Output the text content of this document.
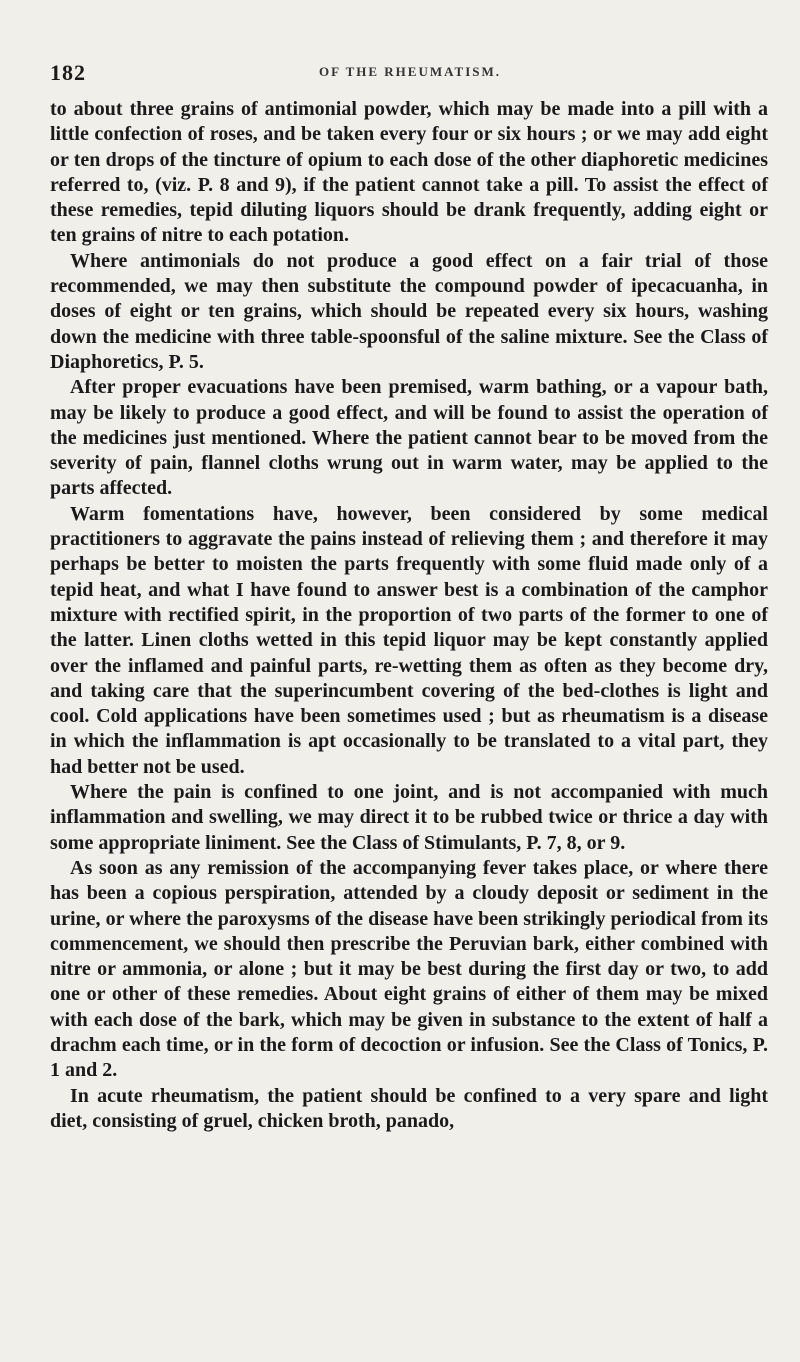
182	OF THE RHEUMATISM.

to about three grains of antimonial powder, which may be made into a pill with a little confection of roses, and be taken every four or six hours ; or we may add eight or ten drops of the tincture of opium to each dose of the other diaphoretic medicines referred to, (viz. P. 8 and 9), if the patient cannot take a pill. To assist the effect of these remedies, tepid diluting liquors should be drank frequently, adding eight or ten grains of nitre to each potation.

Where antimonials do not produce a good effect on a fair trial of those recommended, we may then substitute the compound powder of ipecacuanha, in doses of eight or ten grains, which should be repeated every six hours, washing down the medicine with three table-spoonsful of the saline mixture. See the Class of Diaphoretics, P. 5.

After proper evacuations have been premised, warm bathing, or a vapour bath, may be likely to produce a good effect, and will be found to assist the operation of the medicines just mentioned. Where the patient cannot bear to be moved from the severity of pain, flannel cloths wrung out in warm water, may be applied to the parts affected.

Warm fomentations have, however, been considered by some medical practitioners to aggravate the pains instead of relieving them ; and therefore it may perhaps be better to moisten the parts frequently with some fluid made only of a tepid heat, and what I have found to answer best is a combination of the camphor mixture with rectified spirit, in the proportion of two parts of the former to one of the latter. Linen cloths wetted in this tepid liquor may be kept constantly applied over the inflamed and painful parts, re-wetting them as often as they become dry, and taking care that the superincumbent covering of the bed-clothes is light and cool. Cold applications have been sometimes used ; but as rheumatism is a disease in which the inflammation is apt occasionally to be translated to a vital part, they had better not be used.

Where the pain is confined to one joint, and is not accompanied with much inflammation and swelling, we may direct it to be rubbed twice or thrice a day with some appropriate liniment. See the Class of Stimulants, P. 7, 8, or 9.

As soon as any remission of the accompanying fever takes place, or where there has been a copious perspiration, attended by a cloudy deposit or sediment in the urine, or where the paroxysms of the disease have been strikingly periodical from its commencement, we should then prescribe the Peruvian bark, either combined with nitre or ammonia, or alone ; but it may be best during the first day or two, to add one or other of these remedies. About eight grains of either of them may be mixed with each dose of the bark, which may be given in substance to the extent of half a drachm each time, or in the form of decoction or infusion. See the Class of Tonics, P. 1 and 2.

In acute rheumatism, the patient should be confined to a very spare and light diet, consisting of gruel, chicken broth, panado,
